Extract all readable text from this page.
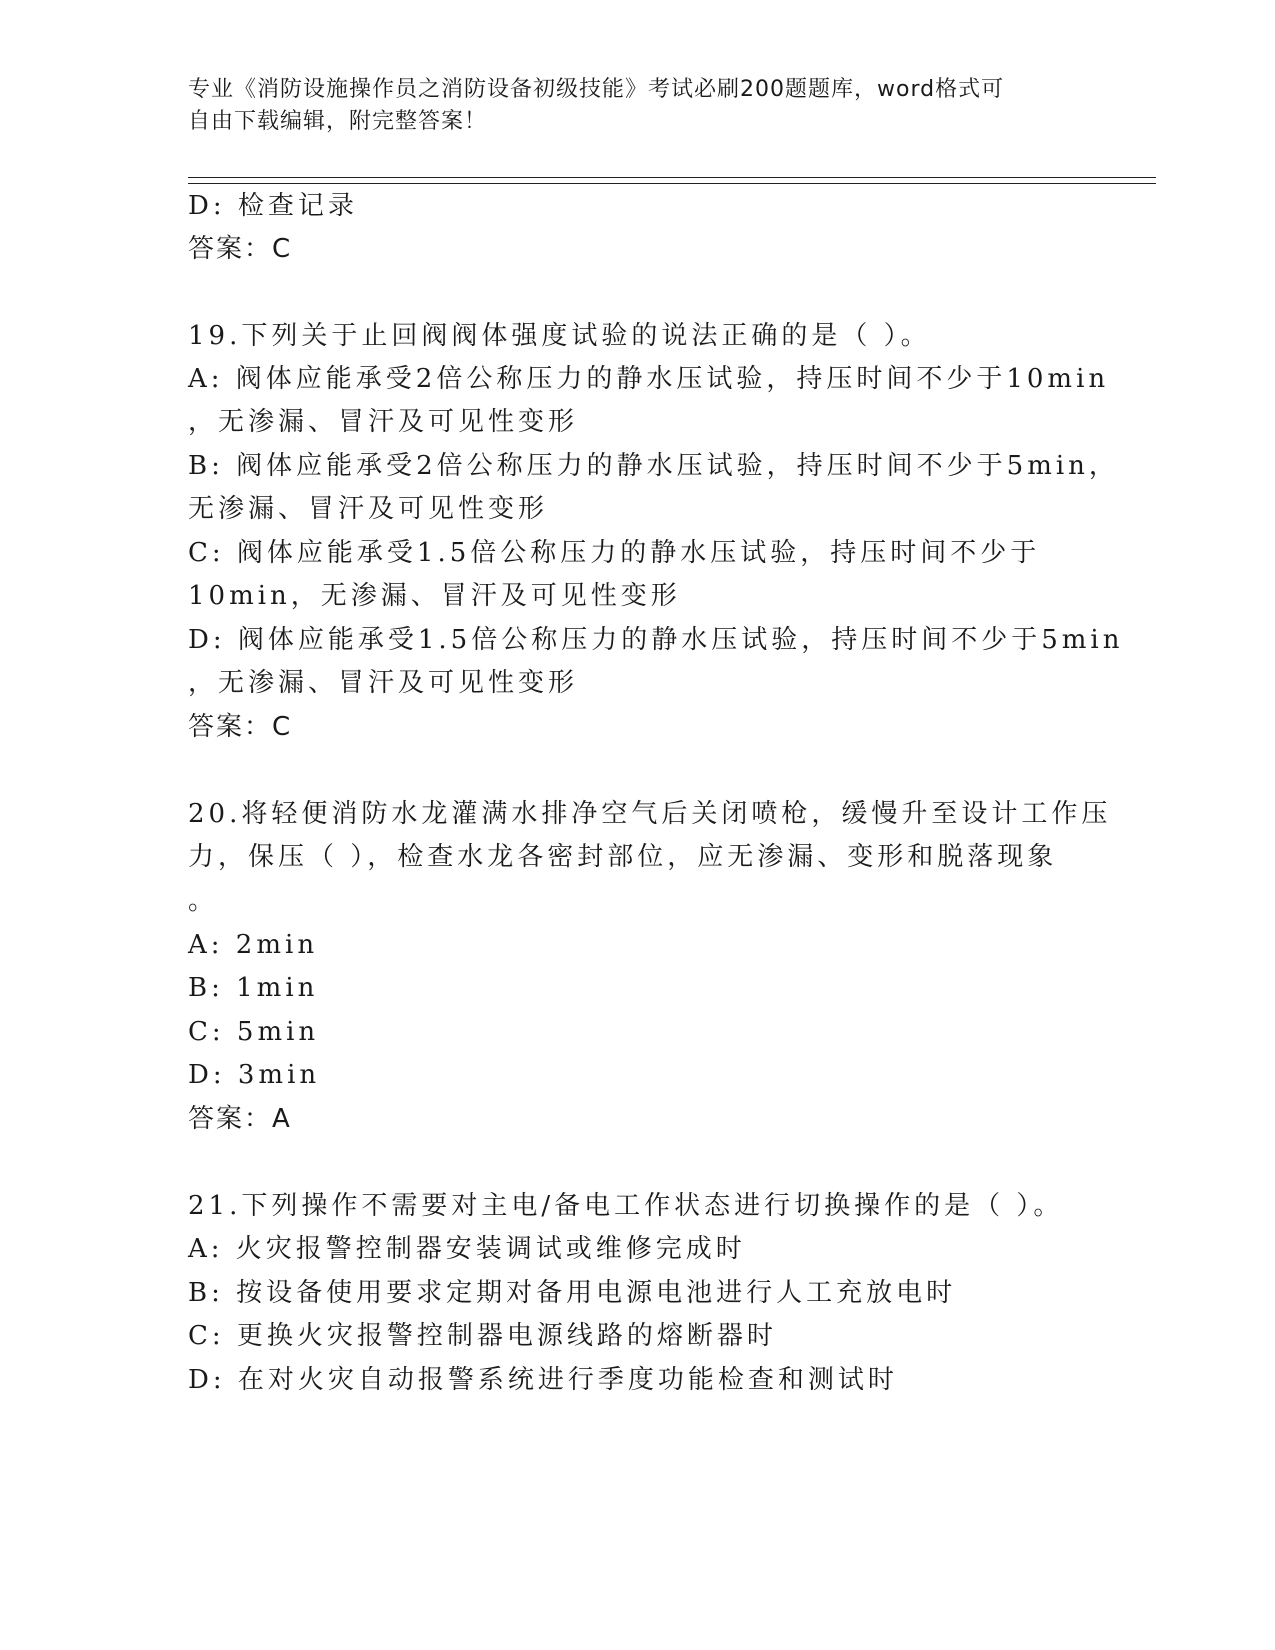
专业《消防设施操作员之消防设备初级技能》考试必刷200题题库，word格式可
自由下载编辑，附完整答案！
D: 检查记录
答案：C
19.下列关于止回阀阀体强度试验的说法正确的是（ ）。
A: 阀体应能承受2倍公称压力的静水压试验，持压时间不少于10min
，无渗漏、冒汗及可见性变形
B: 阀体应能承受2倍公称压力的静水压试验，持压时间不少于5min，
无渗漏、冒汗及可见性变形
C: 阀体应能承受1.5倍公称压力的静水压试验，持压时间不少于
10min，无渗漏、冒汗及可见性变形
D: 阀体应能承受1.5倍公称压力的静水压试验，持压时间不少于5min
，无渗漏、冒汗及可见性变形
答案：C
20.将轻便消防水龙灌满水排净空气后关闭喷枪，缓慢升至设计工作压
力，保压（ ），检查水龙各密封部位，应无渗漏、变形和脱落现象
。
A: 2min
B: 1min
C: 5min
D: 3min
答案：A
21.下列操作不需要对主电/备电工作状态进行切换操作的是（ ）。
A: 火灾报警控制器安装调试或维修完成时
B: 按设备使用要求定期对备用电源电池进行人工充放电时
C: 更换火灾报警控制器电源线路的熔断器时
D: 在对火灾自动报警系统进行季度功能检查和测试时
